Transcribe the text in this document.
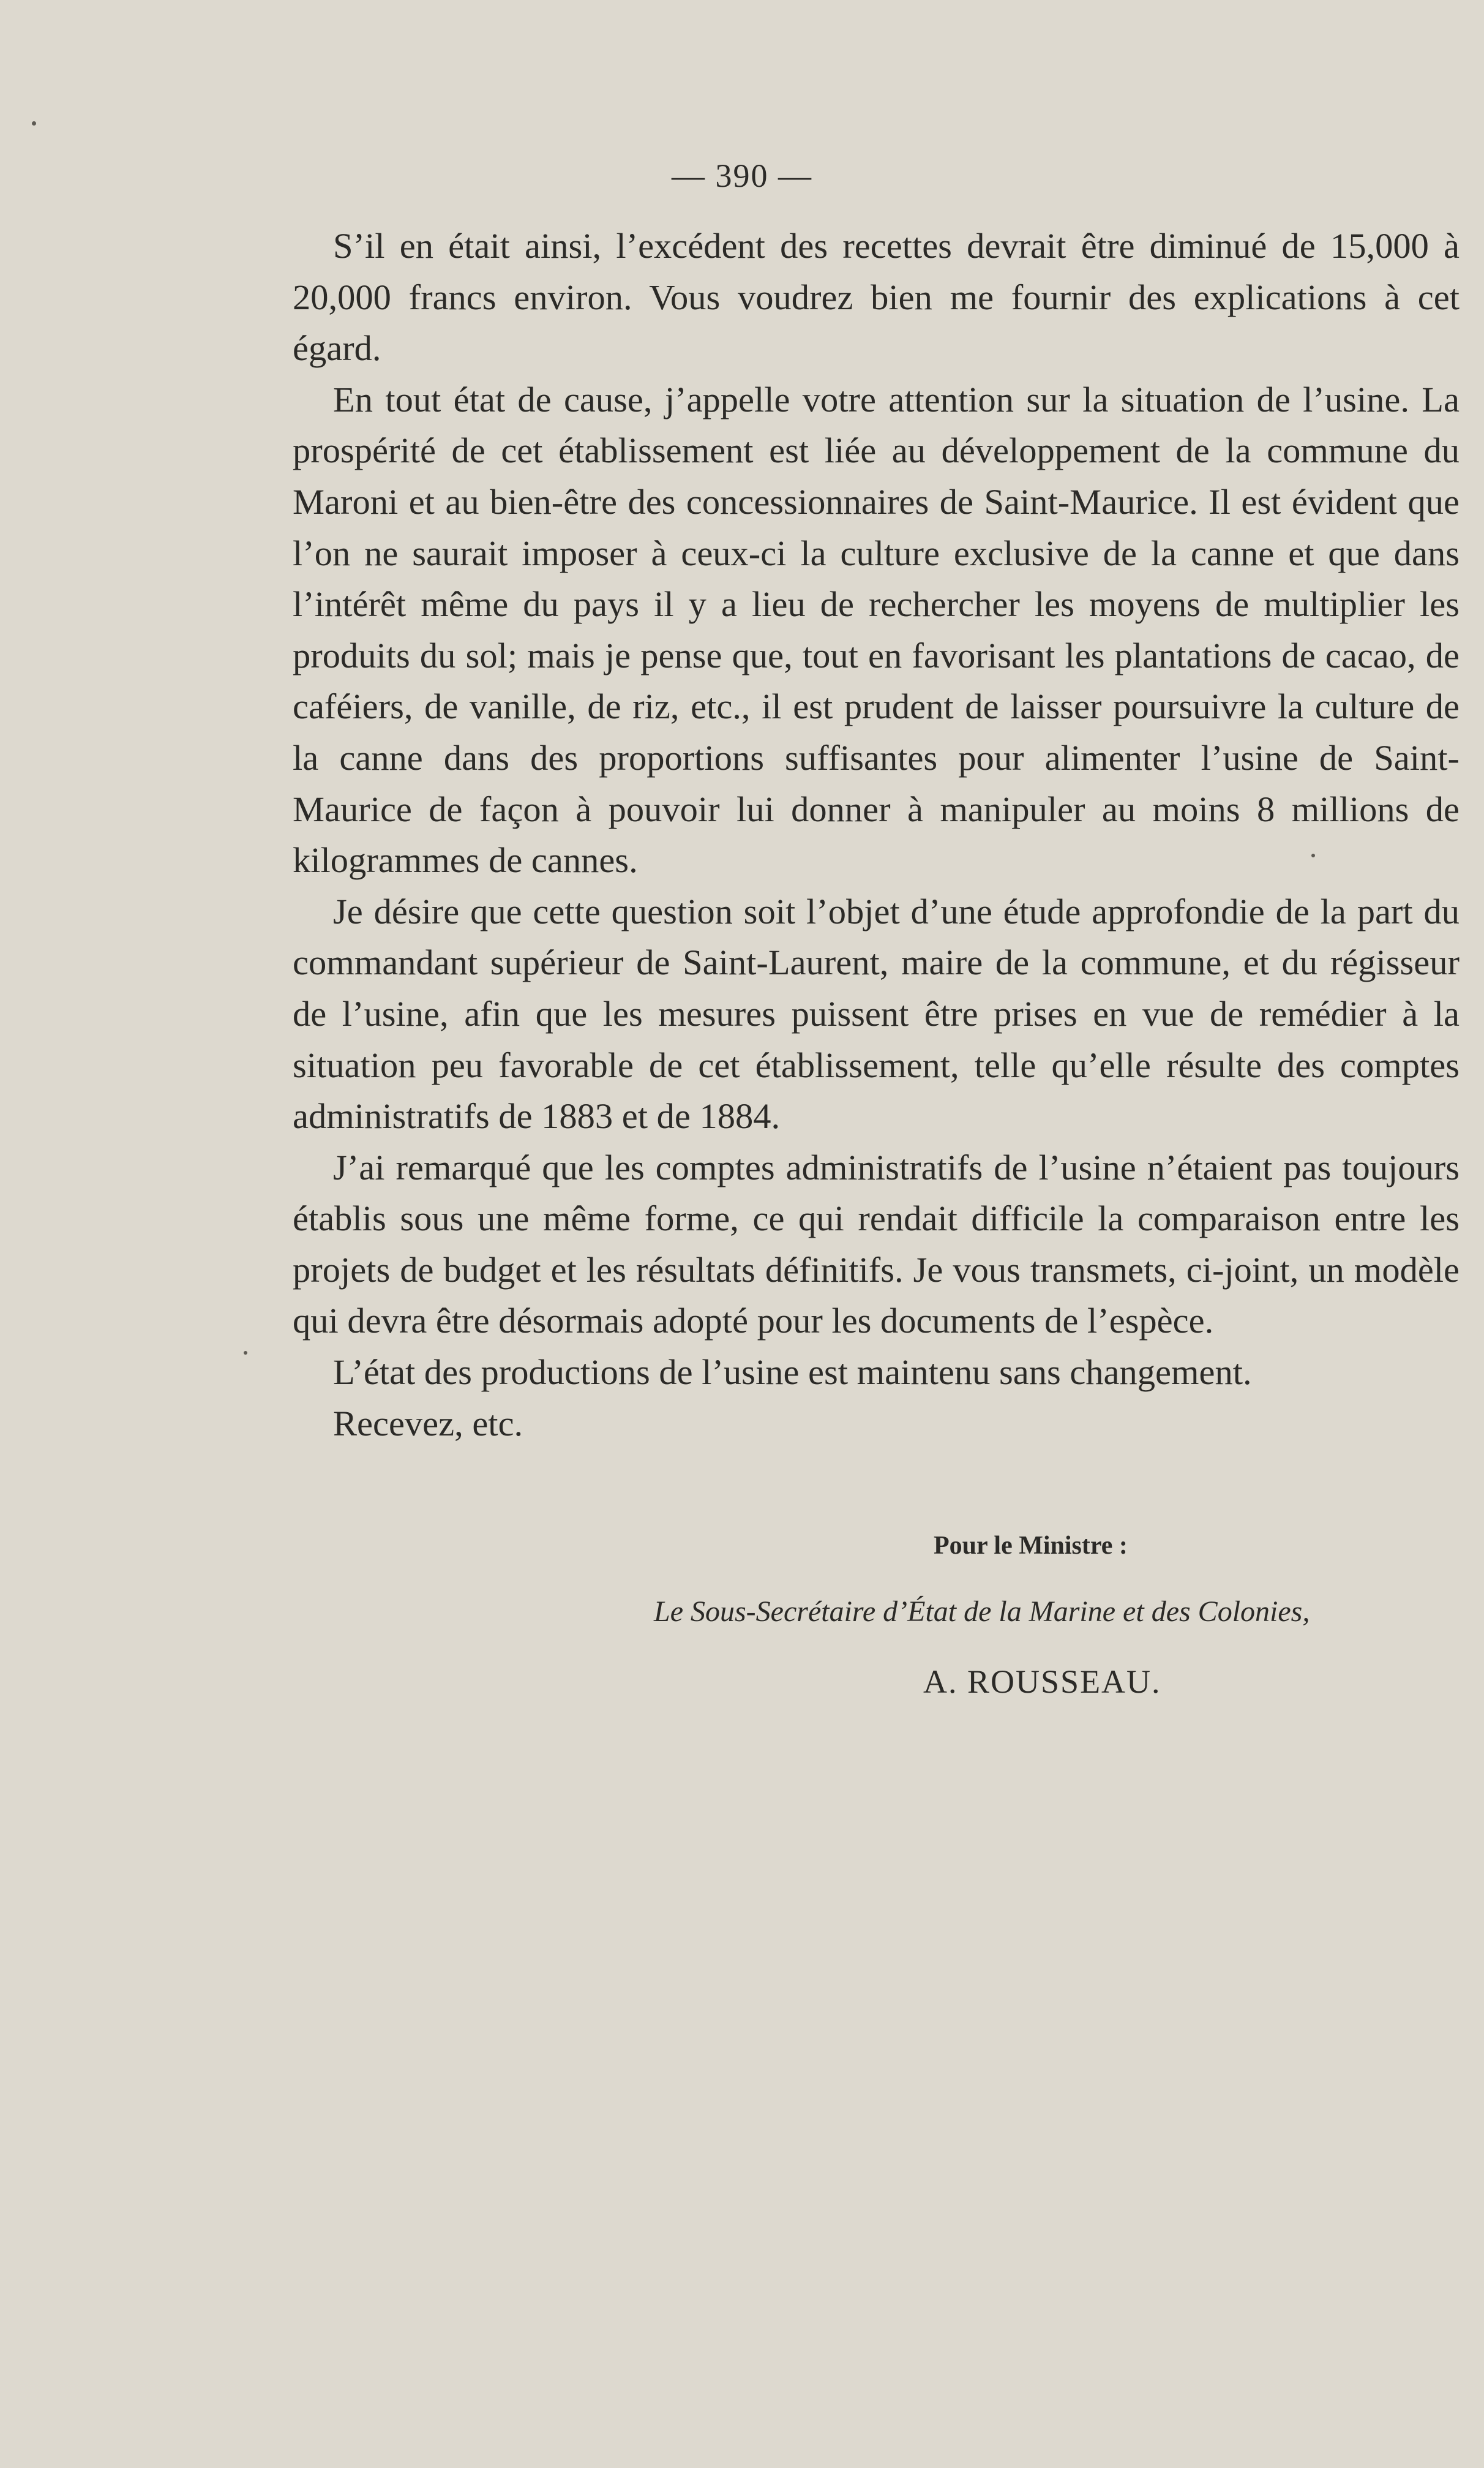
— 390 —

S’il en était ainsi, l’excédent des recettes devrait être diminué de 15,000 à 20,000 francs environ. Vous voudrez bien me fournir des explications à cet égard.

En tout état de cause, j’appelle votre attention sur la situation de l’usine. La prospérité de cet établissement est liée au développement de la commune du Maroni et au bien-être des concessionnaires de Saint-Maurice. Il est évident que l’on ne saurait imposer à ceux-ci la culture exclusive de la canne et que dans l’intérêt même du pays il y a lieu de rechercher les moyens de multiplier les produits du sol; mais je pense que, tout en favorisant les plantations de cacao, de caféiers, de vanille, de riz, etc., il est prudent de laisser poursuivre la culture de la canne dans des proportions suffisantes pour alimenter l’usine de Saint-Maurice de façon à pouvoir lui donner à manipuler au moins 8 millions de kilogrammes de cannes.

Je désire que cette question soit l’objet d’une étude approfondie de la part du commandant supérieur de Saint-Laurent, maire de la commune, et du régisseur de l’usine, afin que les mesures puissent être prises en vue de remédier à la situation peu favorable de cet établissement, telle qu’elle résulte des comptes administratifs de 1883 et de 1884.

J’ai remarqué que les comptes administratifs de l’usine n’étaient pas toujours établis sous une même forme, ce qui rendait difficile la comparaison entre les projets de budget et les résultats définitifs. Je vous transmets, ci-joint, un modèle qui devra être désormais adopté pour les documents de l’espèce.

L’état des productions de l’usine est maintenu sans changement.

Recevez, etc.

Pour le Ministre :
Le Sous-Secrétaire d’État de la Marine et des Colonies,
A. ROUSSEAU.
